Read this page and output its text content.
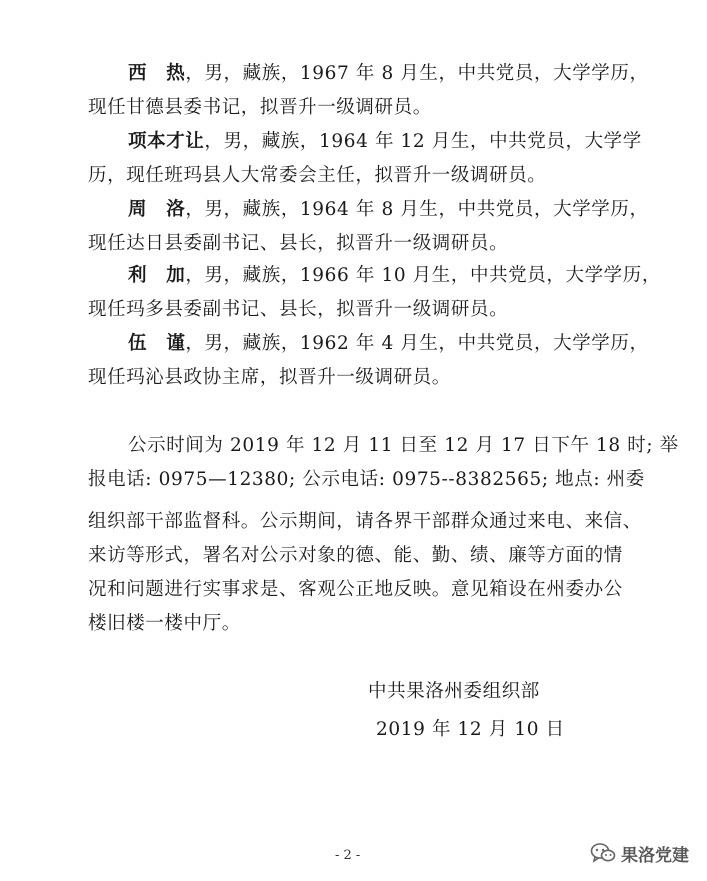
西　热，男，藏族，1967 年 8 月生，中共党员，大学学历，
现任甘德县委书记，拟晋升一级调研员。
项本才让，男，藏族，1964 年 12 月生，中共党员，大学学
历，现任班玛县人大常委会主任，拟晋升一级调研员。
周　洛，男，藏族，1964 年 8 月生，中共党员，大学学历，
现任达日县委副书记、县长，拟晋升一级调研员。
利　加，男，藏族，1966 年 10 月生，中共党员，大学学历，
现任玛多县委副书记、县长，拟晋升一级调研员。
伍　谨，男，藏族，1962 年 4 月生，中共党员，大学学历，
现任玛沁县政协主席，拟晋升一级调研员。
公示时间为 2019 年 12 月 11 日至 12 月 17 日下午 18 时; 举
报电话: 0975—12380; 公示电话: 0975--8382565; 地点: 州委
组织部干部监督科。公示期间，请各界干部群众通过来电、来信、
来访等形式，署名对公示对象的德、能、勤、绩、廉等方面的情
况和问题进行实事求是、客观公正地反映。意见箱设在州委办公
楼旧楼一楼中厅。
中共果洛州委组织部
2019 年 12 月 10 日
- 2 -	果洛党建
